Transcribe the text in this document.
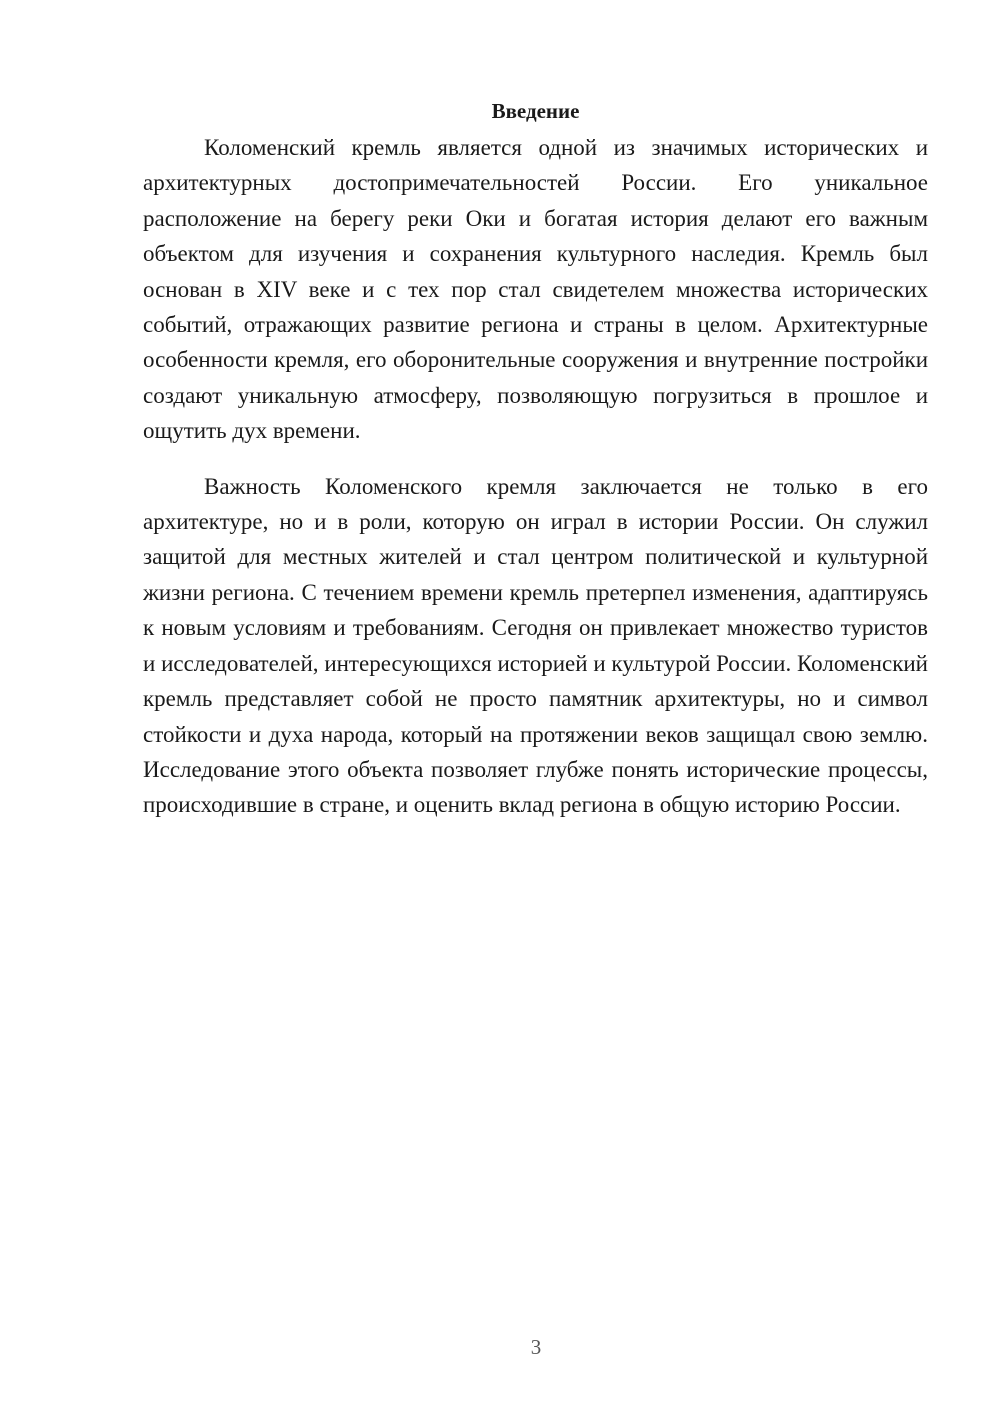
Введение

Коломенский кремль является одной из значимых исторических и архитектурных достопримечательностей России. Его уникальное расположение на берегу реки Оки и богатая история делают его важным объектом для изучения и сохранения культурного наследия. Кремль был основан в XIV веке и с тех пор стал свидетелем множества исторических событий, отражающих развитие региона и страны в целом. Архитектурные особенности кремля, его оборонительные сооружения и внутренние постройки создают уникальную атмосферу, позволяющую погрузиться в прошлое и ощутить дух времени.

Важность Коломенского кремля заключается не только в его архитектуре, но и в роли, которую он играл в истории России. Он служил защитой для местных жителей и стал центром политической и культурной жизни региона. С течением времени кремль претерпел изменения, адаптируясь к новым условиям и требованиям. Сегодня он привлекает множество туристов и исследователей, интересующихся историей и культурой России. Коломенский кремль представляет собой не просто памятник архитектуры, но и символ стойкости и духа народа, который на протяжении веков защищал свою землю. Исследование этого объекта позволяет глубже понять исторические процессы, происходившие в стране, и оценить вклад региона в общую историю России.

3
